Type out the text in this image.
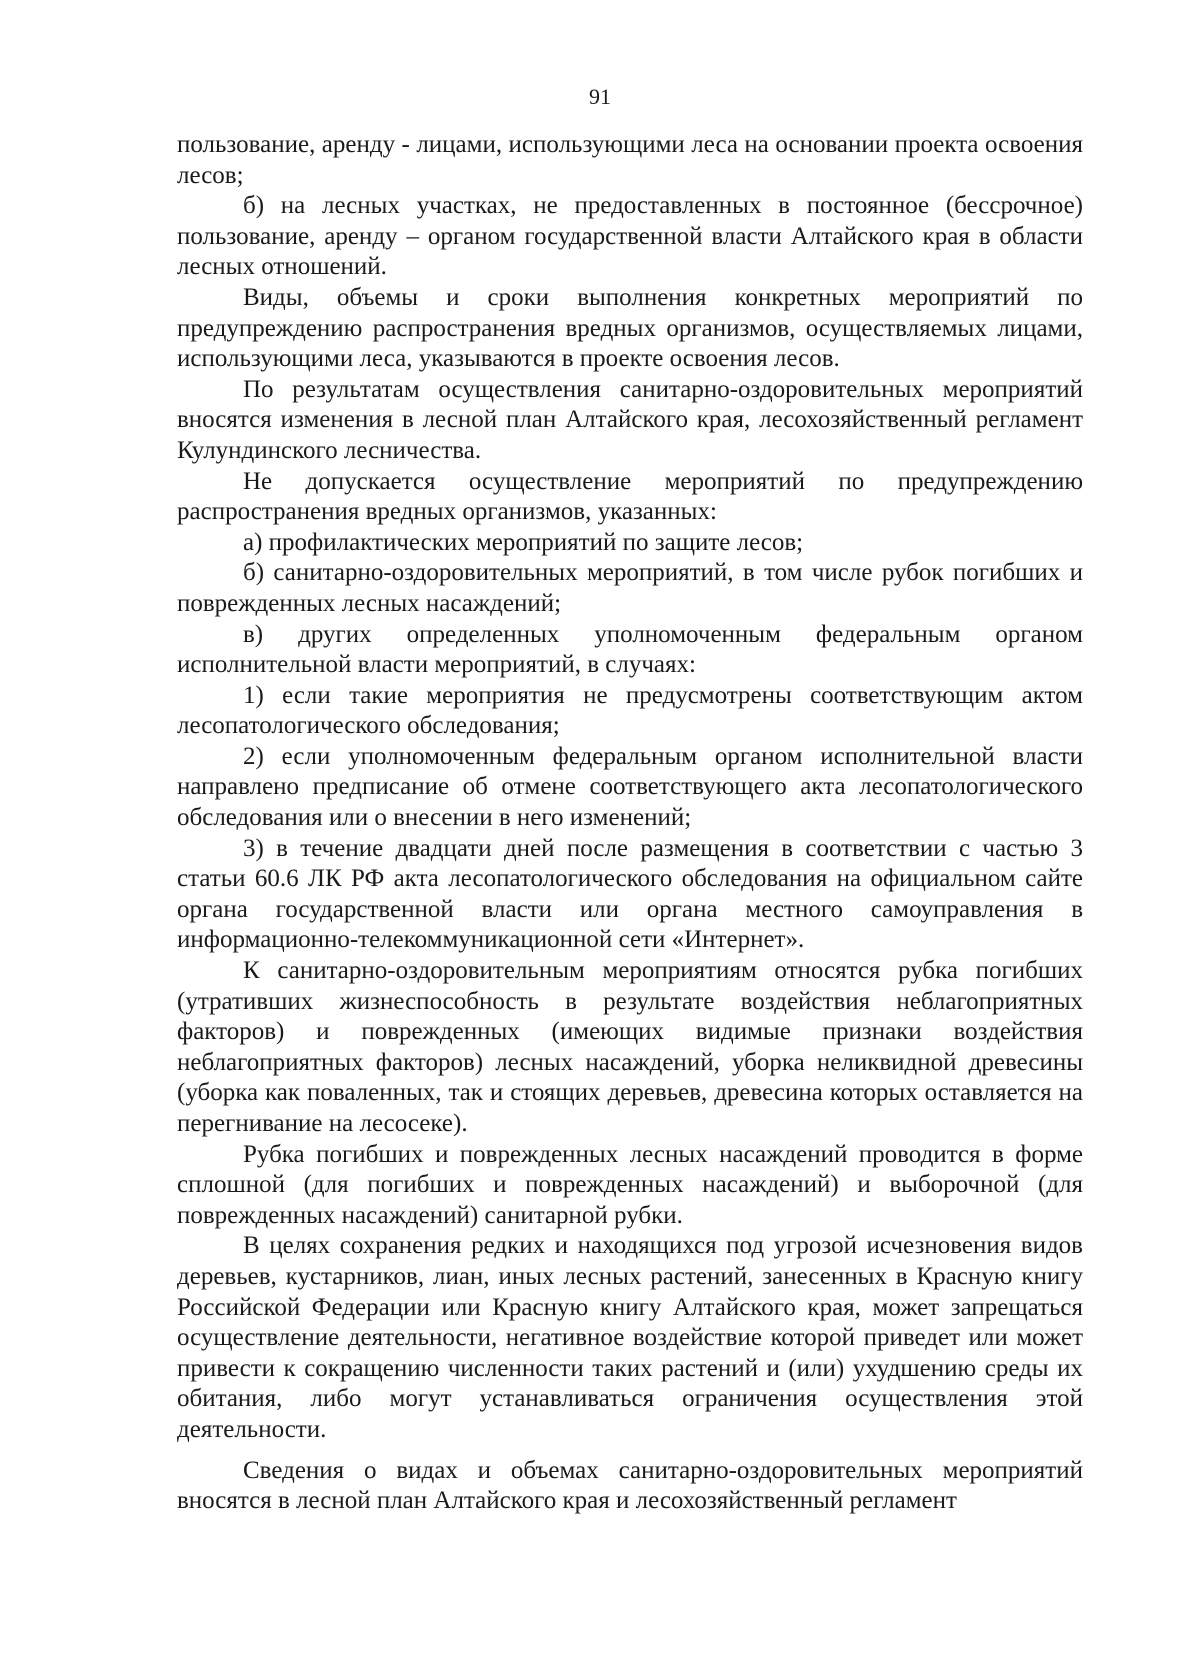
91

пользование, аренду - лицами, использующими леса на основании проекта освоения лесов;

б) на лесных участках, не предоставленных в постоянное (бессрочное) пользование, аренду – органом государственной власти Алтайского края в области лесных отношений.

Виды, объемы и сроки выполнения конкретных мероприятий по предупреждению распространения вредных организмов, осуществляемых лицами, использующими леса, указываются в проекте освоения лесов.

По результатам осуществления санитарно-оздоровительных мероприятий вносятся изменения в лесной план Алтайского края, лесохозяйственный регламент Кулундинского лесничества.

Не допускается осуществление мероприятий по предупреждению распространения вредных организмов, указанных:

а) профилактических мероприятий по защите лесов;

б) санитарно-оздоровительных мероприятий, в том числе рубок погибших и поврежденных лесных насаждений;

в) других определенных уполномоченным федеральным органом исполнительной власти мероприятий, в случаях:

1) если такие мероприятия не предусмотрены соответствующим актом лесопатологического обследования;

2) если уполномоченным федеральным органом исполнительной власти направлено предписание об отмене соответствующего акта лесопатологического обследования или о внесении в него изменений;

3) в течение двадцати дней после размещения в соответствии с частью 3 статьи 60.6 ЛК РФ акта лесопатологического обследования на официальном сайте органа государственной власти или органа местного самоуправления в информационно-телекоммуникационной сети «Интернет».

К санитарно-оздоровительным мероприятиям относятся рубка погибших (утративших жизнеспособность в результате воздействия неблагоприятных факторов) и поврежденных (имеющих видимые признаки воздействия неблагоприятных факторов) лесных насаждений, уборка неликвидной древесины (уборка как поваленных, так и стоящих деревьев, древесина которых оставляется на перегнивание на лесосеке).

Рубка погибших и поврежденных лесных насаждений проводится в форме сплошной (для погибших и поврежденных насаждений) и выборочной (для поврежденных насаждений) санитарной рубки.

В целях сохранения редких и находящихся под угрозой исчезновения видов деревьев, кустарников, лиан, иных лесных растений, занесенных в Красную книгу Российской Федерации или Красную книгу Алтайского края, может запрещаться осуществление деятельности, негативное воздействие которой приведет или может привести к сокращению численности таких растений и (или) ухудшению среды их обитания, либо могут устанавливаться ограничения осуществления этой деятельности.

Сведения о видах и объемах санитарно-оздоровительных мероприятий вносятся в лесной план Алтайского края и лесохозяйственный регламент
